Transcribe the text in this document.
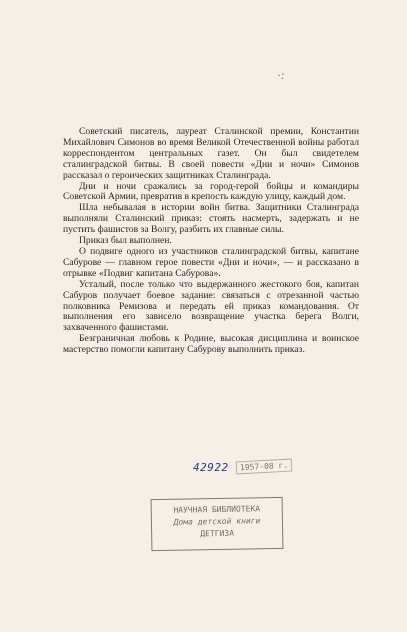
∵

Советский писатель, лауреат Сталинской премии, Константин Михайлович Симонов во время Великой Отечественной войны работал корреспондентом центральных газет. Он был свидетелем сталинградской битвы. В своей повести «Дни и ночи» Симонов рассказал о героических защитниках Сталинграда.

Дни и ночи сражались за город-герой бойцы и командиры Советской Армии, превратив в крепость каждую улицу, каждый дом.

Шла небывалая в истории войн битва. Защитники Сталинграда выполняли Сталинский приказ: стоять насмерть, задержать и не пустить фашистов за Волгу, разбить их главные силы.

Приказ был выполнен.

О подвиге одного из участников сталинградской битвы, капитане Сабурове — главном герое повести «Дни и ночи», — и рассказано в отрывке «Подвиг капитана Сабурова».

Усталый, после только что выдержанного жестокого боя, капитан Сабуров получает боевое задание: связаться с отрезанной частью полковника Ремизова и передать ей приказ командования. От выполнения его зависело возвращение участка берега Волги, захваченного фашистами.

Безграничная любовь к Родине, высокая дисциплина и воинское мастерство помогли капитану Сабурову выполнить приказ.

42922	1957-08 г.
НАУЧНАЯ БИБЛИОТЕКА
Дома детской книги
ДЕТГИЗА
